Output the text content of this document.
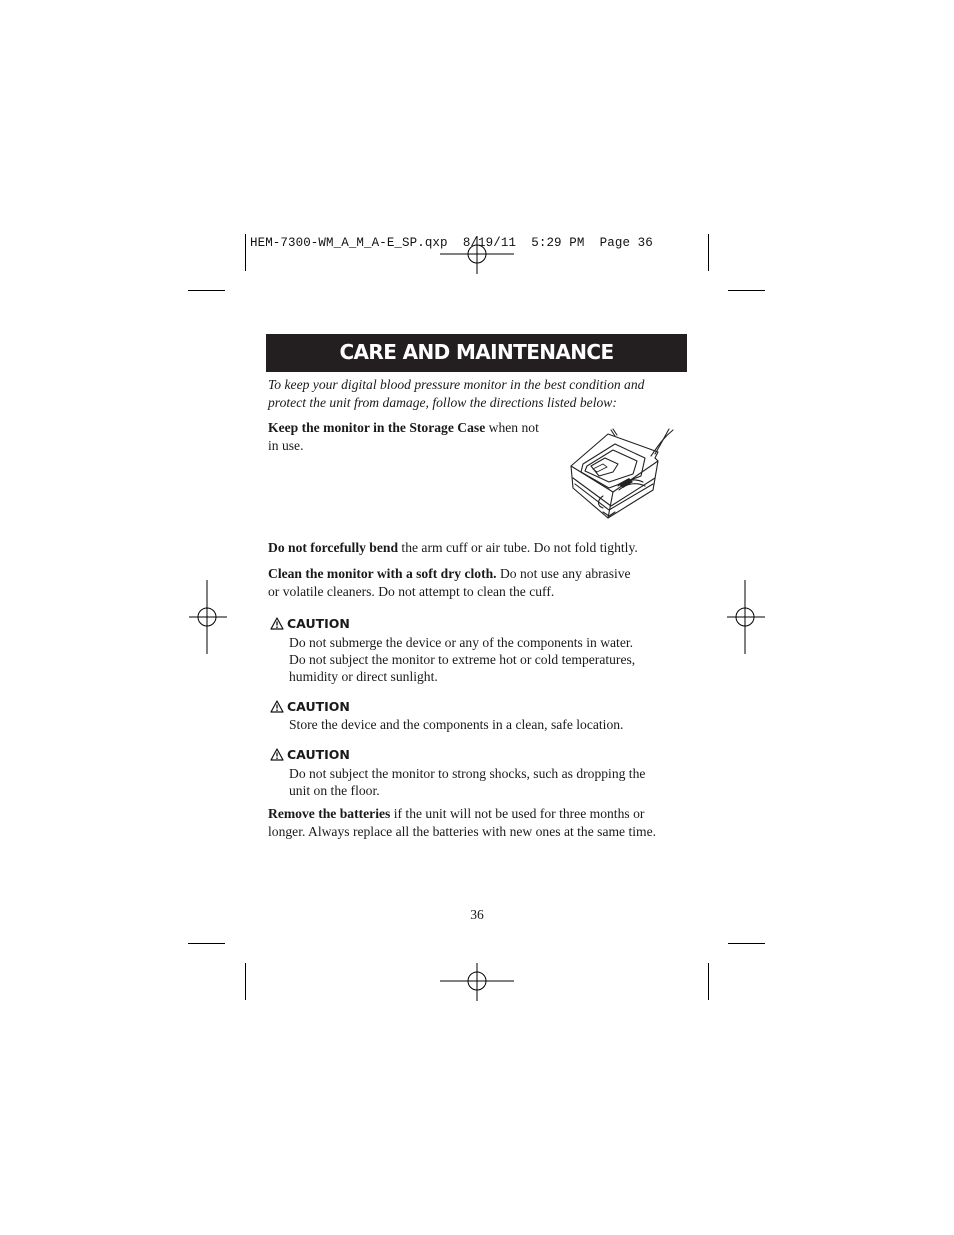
HEM-7300-WM_A_M_A-E_SP.qxp  8/19/11  5:29 PM  Page 36
CARE AND MAINTENANCE
To keep your digital blood pressure monitor in the best condition and protect the unit from damage, follow the directions listed below:
Keep the monitor in the Storage Case when not
in use.
Do not forcefully bend the arm cuff or air tube. Do not fold tightly.
Clean the monitor with a soft dry cloth. Do not use any abrasive
or volatile cleaners. Do not attempt to clean the cuff.
CAUTION
Do not submerge the device or any of the components in water.
Do not subject the monitor to extreme hot or cold temperatures,
humidity or direct sunlight.
CAUTION
Store the device and the components in a clean, safe location.
CAUTION
Do not subject the monitor to strong shocks, such as dropping the
unit on the floor.
Remove the batteries if the unit will not be used for three months or
longer. Always replace all the batteries with new ones at the same time.
36
